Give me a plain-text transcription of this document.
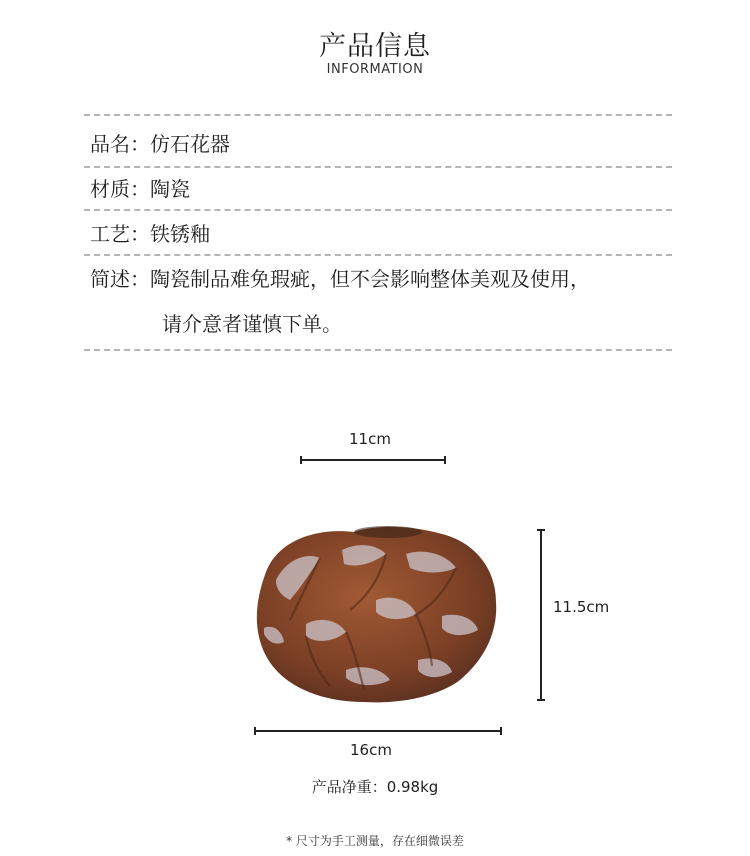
产品信息
INFORMATION
品名：仿石花器
材质：陶瓷
工艺：铁锈釉
简述：陶瓷制品难免瑕疵，但不会影响整体美观及使用，
请介意者谨慎下单。
11cm
11.5cm
16cm
产品净重：0.98kg
* 尺寸为手工测量，存在细微误差
